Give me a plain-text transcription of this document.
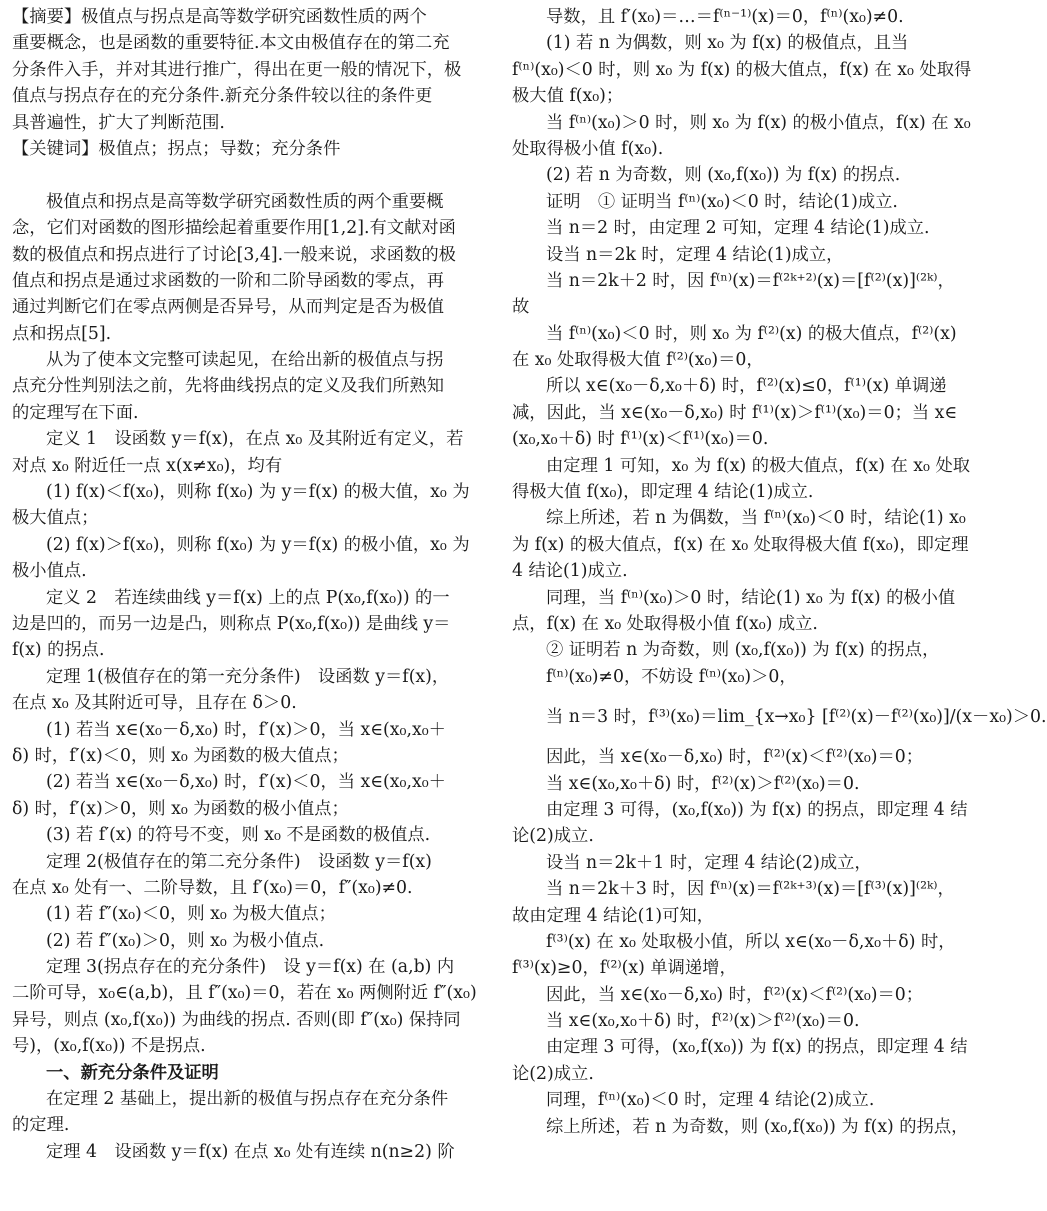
【摘要】极值点与拐点是高等数学研究函数性质的两个
重要概念，也是函数的重要特征.本文由极值存在的第二充
分条件入手，并对其进行推广，得出在更一般的情况下，极
值点与拐点存在的充分条件.新充分条件较以往的条件更
具普遍性，扩大了判断范围.
【关键词】极值点；拐点；导数；充分条件
极值点和拐点是高等数学研究函数性质的两个重要概
念，它们对函数的图形描绘起着重要作用[1,2].有文献对函
数的极值点和拐点进行了讨论[3,4].一般来说，求函数的极
值点和拐点是通过求函数的一阶和二阶导函数的零点，再
通过判断它们在零点两侧是否异号，从而判定是否为极值
点和拐点[5].
从为了使本文完整可读起见，在给出新的极值点与拐
点充分性判别法之前，先将曲线拐点的定义及我们所熟知
的定理写在下面.
定义 1　设函数 y＝f(x)，在点 x₀ 及其附近有定义，若
对点 x₀ 附近任一点 x(x≠x₀)，均有
(1) f(x)＜f(x₀)，则称 f(x₀) 为 y＝f(x) 的极大值，x₀ 为
极大值点；
(2) f(x)＞f(x₀)，则称 f(x₀) 为 y＝f(x) 的极小值，x₀ 为
极小值点.
定义 2　若连续曲线 y＝f(x) 上的点 P(x₀,f(x₀)) 的一
边是凹的，而另一边是凸，则称点 P(x₀,f(x₀)) 是曲线 y＝
f(x) 的拐点.
定理 1(极值存在的第一充分条件)　设函数 y＝f(x)，
在点 x₀ 及其附近可导，且存在 δ＞0.
(1) 若当 x∈(x₀－δ,x₀) 时，f′(x)＞0，当 x∈(x₀,x₀＋
δ) 时，f′(x)＜0，则 x₀ 为函数的极大值点；
(2) 若当 x∈(x₀－δ,x₀) 时，f′(x)＜0，当 x∈(x₀,x₀＋
δ) 时，f′(x)＞0，则 x₀ 为函数的极小值点；
(3) 若 f′(x) 的符号不变，则 x₀ 不是函数的极值点.
定理 2(极值存在的第二充分条件)　设函数 y＝f(x)
在点 x₀ 处有一、二阶导数，且 f′(x₀)＝0，f″(x₀)≠0.
(1) 若 f″(x₀)＜0，则 x₀ 为极大值点；
(2) 若 f″(x₀)＞0，则 x₀ 为极小值点.
定理 3(拐点存在的充分条件)　设 y＝f(x) 在 (a,b) 内
二阶可导，x₀∈(a,b)，且 f″(x₀)＝0，若在 x₀ 两侧附近 f″(x₀)
异号，则点 (x₀,f(x₀)) 为曲线的拐点. 否则(即 f″(x₀) 保持同
号)，(x₀,f(x₀)) 不是拐点.
一、新充分条件及证明
在定理 2 基础上，提出新的极值与拐点存在充分条件
的定理.
定理 4　设函数 y＝f(x) 在点 x₀ 处有连续 n(n≥2) 阶
导数，且 f′(x₀)＝…＝f⁽ⁿ⁻¹⁾(x)＝0，f⁽ⁿ⁾(x₀)≠0.
(1) 若 n 为偶数，则 x₀ 为 f(x) 的极值点，且当
f⁽ⁿ⁾(x₀)＜0 时，则 x₀ 为 f(x) 的极大值点，f(x) 在 x₀ 处取得
极大值 f(x₀)；
当 f⁽ⁿ⁾(x₀)＞0 时，则 x₀ 为 f(x) 的极小值点，f(x) 在 x₀
处取得极小值 f(x₀).
(2) 若 n 为奇数，则 (x₀,f(x₀)) 为 f(x) 的拐点.
证明　① 证明当 f⁽ⁿ⁾(x₀)＜0 时，结论(1)成立.
当 n＝2 时，由定理 2 可知，定理 4 结论(1)成立.
设当 n＝2k 时，定理 4 结论(1)成立，
当 n＝2k＋2 时，因 f⁽ⁿ⁾(x)＝f⁽²ᵏ⁺²⁾(x)＝[f⁽²⁾(x)]⁽²ᵏ⁾，
故
当 f⁽ⁿ⁾(x₀)＜0 时，则 x₀ 为 f⁽²⁾(x) 的极大值点，f⁽²⁾(x)
在 x₀ 处取得极大值 f⁽²⁾(x₀)＝0，
所以 x∈(x₀－δ,x₀＋δ) 时，f⁽²⁾(x)≤0，f⁽¹⁾(x) 单调递
减，因此，当 x∈(x₀－δ,x₀) 时 f⁽¹⁾(x)＞f⁽¹⁾(x₀)＝0；当 x∈
(x₀,x₀＋δ) 时 f⁽¹⁾(x)＜f⁽¹⁾(x₀)＝0.
由定理 1 可知，x₀ 为 f(x) 的极大值点，f(x) 在 x₀ 处取
得极大值 f(x₀)，即定理 4 结论(1)成立.
综上所述，若 n 为偶数，当 f⁽ⁿ⁾(x₀)＜0 时，结论(1) x₀
为 f(x) 的极大值点，f(x) 在 x₀ 处取得极大值 f(x₀)，即定理
4 结论(1)成立.
同理，当 f⁽ⁿ⁾(x₀)＞0 时，结论(1) x₀ 为 f(x) 的极小值
点，f(x) 在 x₀ 处取得极小值 f(x₀) 成立.
② 证明若 n 为奇数，则 (x₀,f(x₀)) 为 f(x) 的拐点，
f⁽ⁿ⁾(x₀)≠0，不妨设 f⁽ⁿ⁾(x₀)＞0，
当 n＝3 时，f⁽³⁾(x₀)＝lim_{x→x₀} [f⁽²⁾(x)－f⁽²⁾(x₀)]/(x－x₀)＞0.
因此，当 x∈(x₀－δ,x₀) 时，f⁽²⁾(x)＜f⁽²⁾(x₀)＝0；
当 x∈(x₀,x₀＋δ) 时，f⁽²⁾(x)＞f⁽²⁾(x₀)＝0.
由定理 3 可得，(x₀,f(x₀)) 为 f(x) 的拐点，即定理 4 结
论(2)成立.
设当 n＝2k＋1 时，定理 4 结论(2)成立，
当 n＝2k＋3 时，因 f⁽ⁿ⁾(x)＝f⁽²ᵏ⁺³⁾(x)＝[f⁽³⁾(x)]⁽²ᵏ⁾，
故由定理 4 结论(1)可知，
f⁽³⁾(x) 在 x₀ 处取极小值，所以 x∈(x₀－δ,x₀＋δ) 时，
f⁽³⁾(x)≥0，f⁽²⁾(x) 单调递增，
因此，当 x∈(x₀－δ,x₀) 时，f⁽²⁾(x)＜f⁽²⁾(x₀)＝0；
当 x∈(x₀,x₀＋δ) 时，f⁽²⁾(x)＞f⁽²⁾(x₀)＝0.
由定理 3 可得，(x₀,f(x₀)) 为 f(x) 的拐点，即定理 4 结
论(2)成立.
同理，f⁽ⁿ⁾(x₀)＜0 时，定理 4 结论(2)成立.
综上所述，若 n 为奇数，则 (x₀,f(x₀)) 为 f(x) 的拐点，
